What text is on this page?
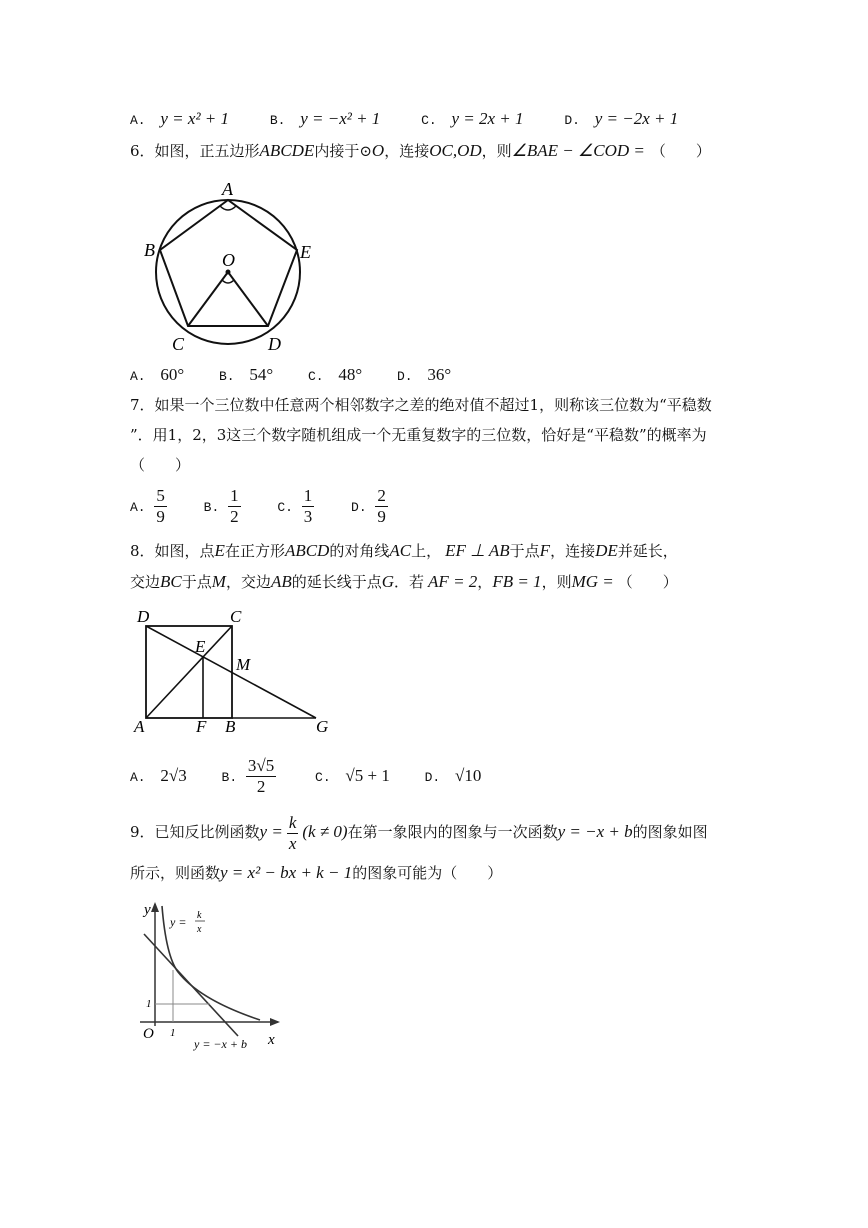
A. y = x² + 1	B. y = −x² + 1	C. y = 2x + 1	D. y = −2x + 1
6．如图，正五边形ABCDE内接于⊙O，连接OC,OD，则∠BAE − ∠COD = （　　）
A
B	E
O
C	D
A. 60°	B. 54°	C. 48°	D. 36°
7．如果一个三位数中任意两个相邻数字之差的绝对值不超过1，则称该三位数为“平稳数
”．用1，2，3这三个数字随机组成一个无重复数字的三位数，恰好是“平稳数”的概率为
（　　）
A. $\frac{5}{9}$	B. $\frac{1}{2}$	C. $\frac{1}{3}$	D. $\frac{2}{9}$
8．如图，点E在正方形ABCD的对角线AC上， EF ⊥ AB于点F，连接DE并延长，
交边BC于点M，交边AB的延长线于点G．若 AF = 2，FB = 1，则MG = （　　）
D	C
E
M
A	F B	G
A. 2√3	B. $\frac{3√5}{2}$	C. √5 + 1	D. √10
9．已知反比例函数$y = \frac{k}{x} (k \ne 0)$在第一象限内的图象与一次函数y = −x + b的图象如图
所示，则函数y = x² − bx + k − 1的图象可能为（　　）
y
x
O 1
1
y = k
x
y = −x + b
